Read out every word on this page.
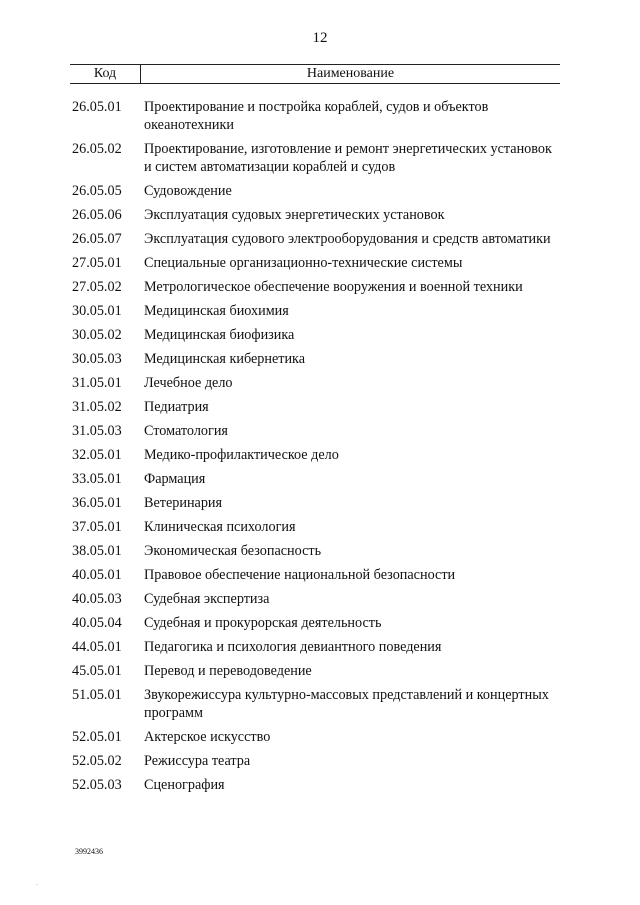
12
Код	Наименование
26.05.01	Проектирование и постройка кораблей, судов и объектов океанотехники
26.05.02	Проектирование, изготовление и ремонт энергетических установок и систем автоматизации кораблей и судов
26.05.05	Судовождение
26.05.06	Эксплуатация судовых энергетических установок
26.05.07	Эксплуатация судового электрооборудования и средств автоматики
27.05.01	Специальные организационно-технические системы
27.05.02	Метрологическое обеспечение вооружения и военной техники
30.05.01	Медицинская биохимия
30.05.02	Медицинская биофизика
30.05.03	Медицинская кибернетика
31.05.01	Лечебное дело
31.05.02	Педиатрия
31.05.03	Стоматология
32.05.01	Медико-профилактическое дело
33.05.01	Фармация
36.05.01	Ветеринария
37.05.01	Клиническая психология
38.05.01	Экономическая безопасность
40.05.01	Правовое обеспечение национальной безопасности
40.05.03	Судебная экспертиза
40.05.04	Судебная и прокурорская деятельность
44.05.01	Педагогика и психология девиантного поведения
45.05.01	Перевод и переводоведение
51.05.01	Звукорежиссура культурно-массовых представлений и концертных программ
52.05.01	Актерское искусство
52.05.02	Режиссура театра
52.05.03	Сценография
3992436
.
